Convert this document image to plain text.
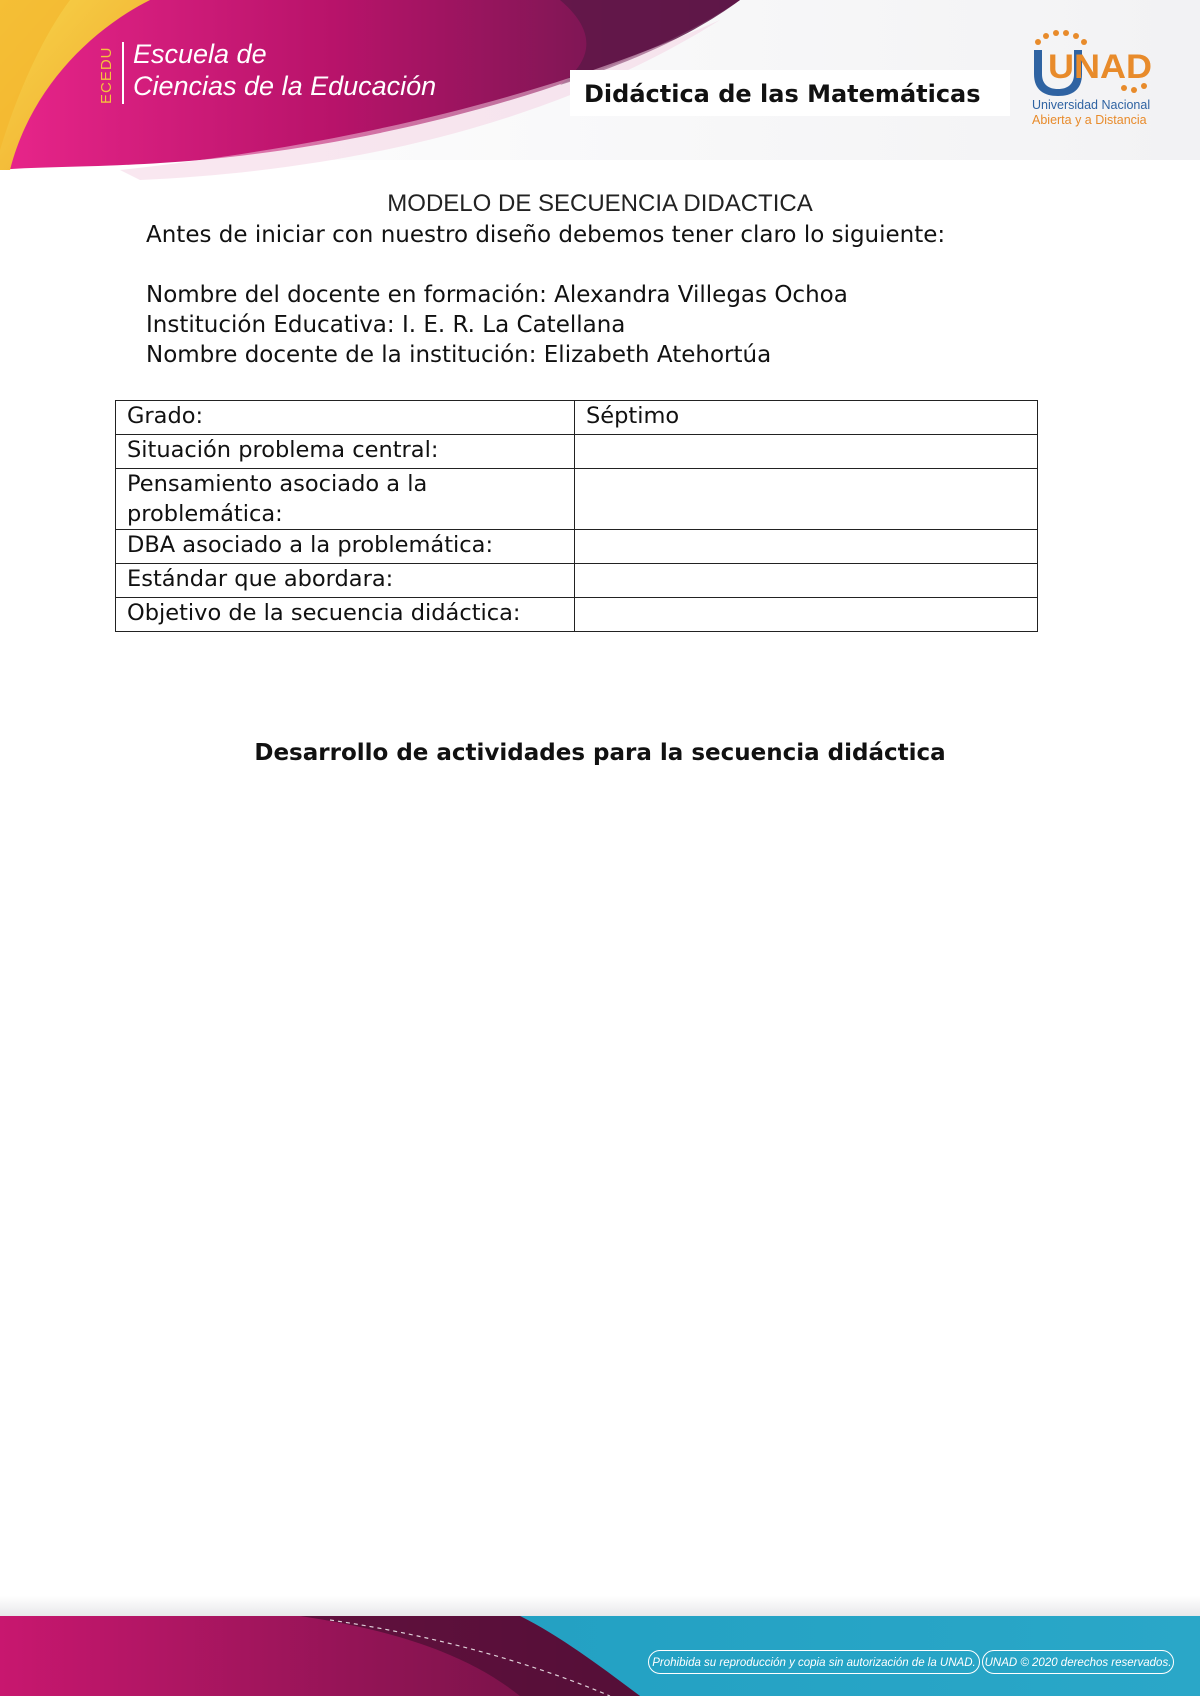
ECEDU Escuela de
Ciencias de la Educación	Didáctica de las Matemáticas
UNAD
Universidad Nacional
Abierta y a Distancia
MODELO DE SECUENCIA DIDACTICA
Antes de iniciar con nuestro diseño debemos tener claro lo siguiente:
Nombre del docente en formación: Alexandra Villegas Ochoa
Institución Educativa: I. E. R. La Catellana
Nombre docente de la institución: Elizabeth Atehortúa
Grado:	Séptimo
Situación problema central:	
Pensamiento asociado a la problemática:	
DBA asociado a la problemática:	
Estándar que abordara:	
Objetivo de la secuencia didáctica:	
Desarrollo de actividades para la secuencia didáctica
Prohibida su reproducción y copia sin autorización de la UNAD. UNAD © 2020 derechos reservados.
